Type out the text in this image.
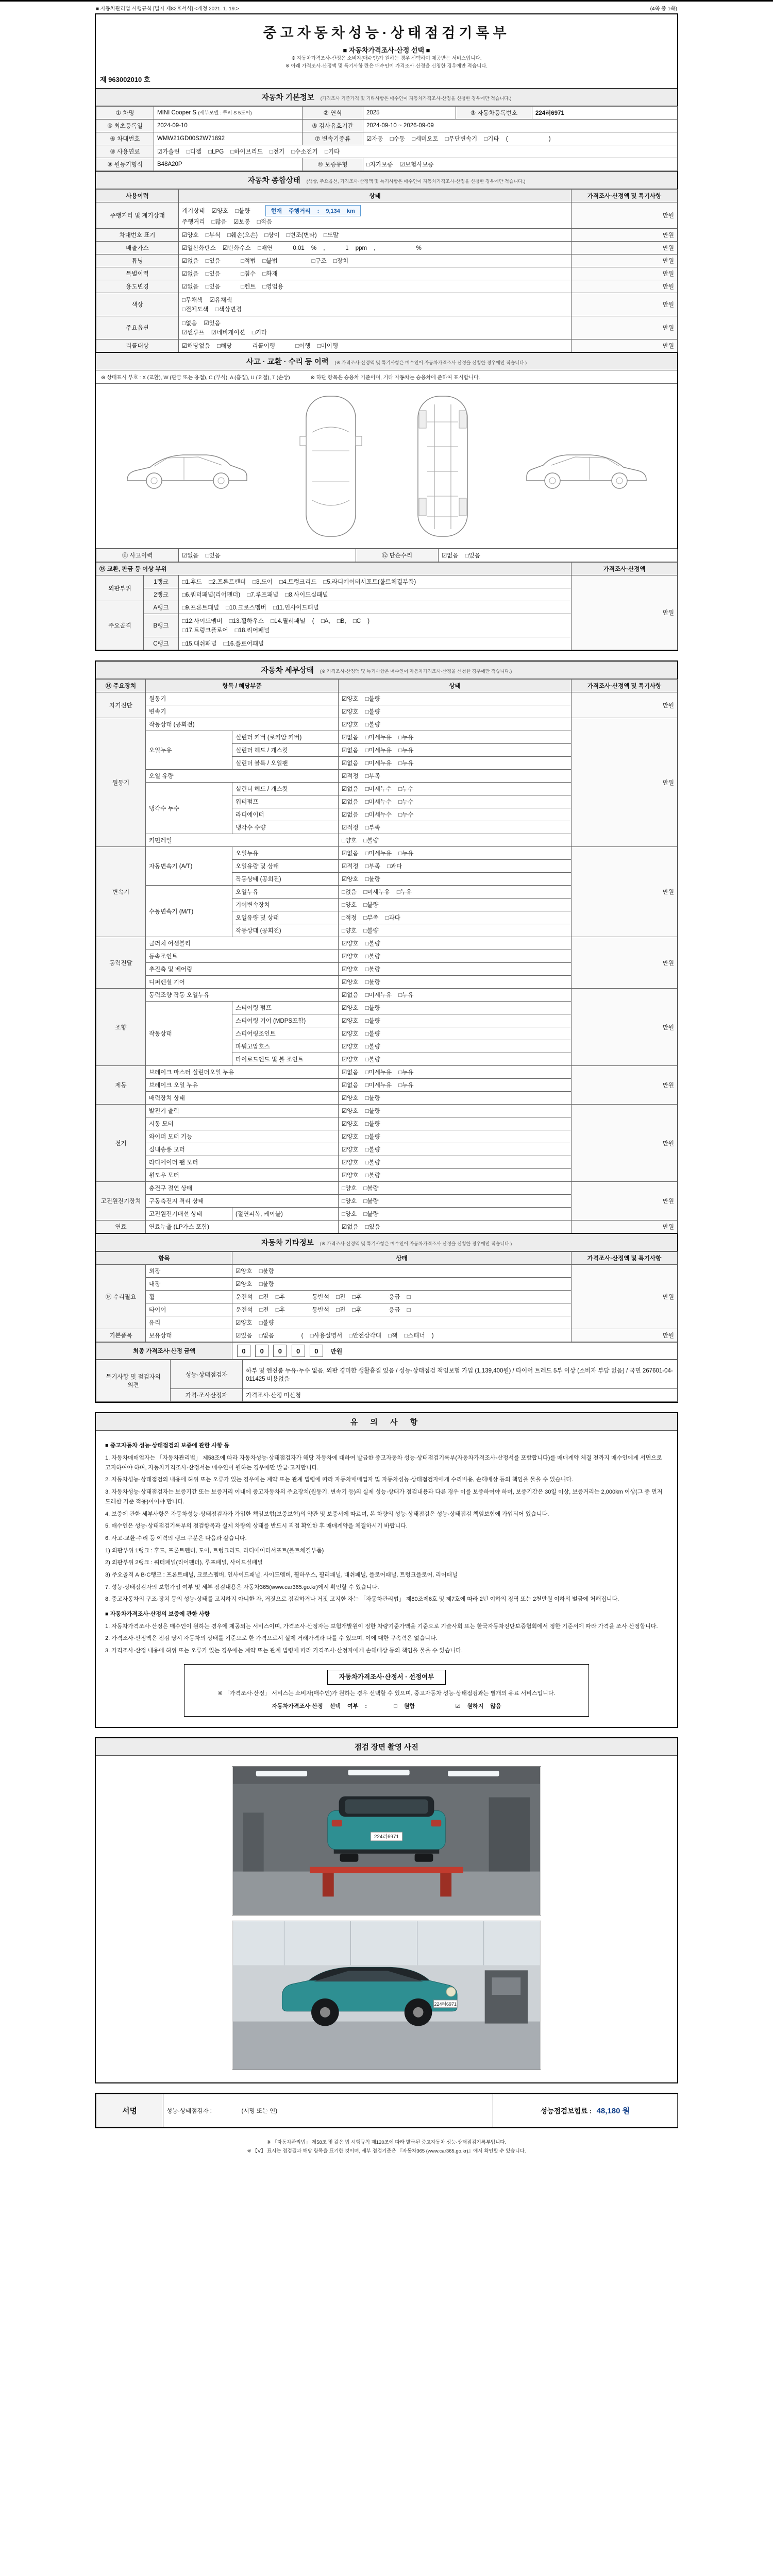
■ 자동차관리법 시행규칙 [별지 제82호서식] <개정 2021. 1. 19.>	(4쪽 중 1쪽)
중고자동차성능·상태점검기록부
■ 자동차가격조사·산정 선택 ■
※ 자동차가격조사·산정은 소비자(매수인)가 원하는 경우 선택하여 제공받는 서비스입니다.
※ 아래 가격조사·산정액 및 특기사항 란은 매수인이 가격조사·산정을 신청한 경우에만 적습니다.
제 963002010 호
자동차 기본정보 (가격조사 기준가격 및 기타사항은 매수인이 자동차가격조사·산정을 신청한 경우에만 적습니다.)
① 차명	MINI Cooper S (세부모델 : 쿠퍼 S 5도어)	② 연식	2025	③ 자동차등록번호	224러6971
④ 최초등록일	2024-09-10	⑤ 검사유효기간	2024-09-10 ~ 2026-09-09		
⑥ 차대번호	WMW21GD00S2W71692	⑦ 변속기종류	☑자동 □수동 □세미오토 □무단변속기 □기타 (      )		
⑧ 사용연료	☑가솔린 □디젤 □LPG □하이브리드 □전기 □수소전기 □기타				
⑨ 원동기형식	B48A20P	⑩ 보증유형	□자가보증 ☑보험사보증		
자동차 종합상태 (색상, 주요옵션, 가격조사·산정액 및 특기사항은 매수인이 자동차가격조사·산정을 신청한 경우에만 적습니다.)
사용이력	상태	가격조사·산정액 및 특기사항
주행거리 및 계기상태	계기상태 ☑양호 □불량 현재 주행거리 : 9,134 km
주행거리 □많음 ☑보통 □적음	만원
차대번호 표기	☑양호 □부식 □훼손(오손) □상이 □변조(변타) □도말	만원
배출가스	☑일산화탄소 ☑탄화수소 □매연 0.01 % ,   1 ppm ,      %	만원
튜닝	☑없음 □있음 □적법 □불법     □구조 □장치	만원
특별이력	☑없음 □있음 □침수 □화재	만원
용도변경	☑없음 □있음 □렌트 □영업용	만원
색상	□무채색 ☑유채색
□전체도색 □색상변경	만원
주요옵션	□없음 ☑있음
☑썬루프 ☑네비게이션 □기타	만원
리콜대상	☑해당없음 □해당 리콜이행   □이행 □미이행	만원
사고 · 교환 · 수리 등 이력 (※ 가격조사·산정액 및 특기사항은 매수인이 자동차가격조사·산정을 신청한 경우에만 적습니다.)
※ 상태표시 부호 : X (교환), W (판금 또는 용접), C (부식), A (흠집), U (요철), T (손상)	※ 하단 항목은 승용차 기준이며, 기타 자동차는 승용차에 준하여 표시합니다.
⑪ 사고이력	☑없음 □있음	⑫ 단순수리	☑없음 □있음
⑬ 교환, 판금 등 이상 부위			가격조사·산정액
외판부위	1랭크	□1.후드 □2.프론트펜더 □3.도어 □4.트렁크리드 □5.라디에이터서포트(볼트체결부품)	만원
	2랭크	□6.쿼터패널(리어펜더) □7.루프패널 □8.사이드실패널	
주요골격	A랭크	□9.프론트패널 □10.크로스멤버 □11.인사이드패널	
	B랭크	□12.사이드멤버 □13.휠하우스 □14.필러패널 ( □A, □B, □C )
□17.트렁크플로어 □18.리어패널	

	C랭크	□15.대쉬패널 □16.플로어패널	
자동차 세부상태 (※ 가격조사·산정액 및 특기사항은 매수인이 자동차가격조사·산정을 신청한 경우에만 적습니다.)
⑭ 주요장치	항목 / 해당부품		상태	가격조사·산정액 및 특기사항
자기진단	원동기		☑양호 □불량	만원
	변속기		☑양호 □불량	
원동기	작동상태 (공회전)		☑양호 □불량	만원
	오일누유	실린더 커버 (로커암 커버)	☑없음 □미세누유 □누유	
		실린더 헤드 / 개스킷	☑없음 □미세누유 □누유	
		실린더 블록 / 오일팬	☑없음 □미세누유 □누유	
	오일 유량		☑적정 □부족	
	냉각수 누수	실린더 헤드 / 개스킷	☑없음 □미세누수 □누수	
		워터펌프	☑없음 □미세누수 □누수	
		라디에이터	☑없음 □미세누수 □누수	
		냉각수 수량	☑적정 □부족	
	커먼레일		□양호 □불량	
변속기	자동변속기 (A/T)	오일누유	☑없음 □미세누유 □누유	만원
		오일유량 및 상태	☑적정 □부족 □과다	
		작동상태 (공회전)	☑양호 □불량	
	수동변속기 (M/T)	오일누유	□없음 □미세누유 □누유	
		기어변속장치	□양호 □불량	
		오일유량 및 상태	□적정 □부족 □과다	
		작동상태 (공회전)	□양호 □불량	
동력전달	클러치 어셈블리		☑양호 □불량	만원
	등속조인트		☑양호 □불량	
	추진축 및 베어링		☑양호 □불량	
	디퍼렌셜 기어		☑양호 □불량	
조향	동력조향 작동 오일누유		☑없음 □미세누유 □누유	만원
	작동상태	스티어링 펌프	☑양호 □불량	
		스티어링 기어 (MDPS포함)	☑양호 □불량	
		스티어링조인트	☑양호 □불량	
		파워고압호스	☑양호 □불량	
		타이로드엔드 및 볼 조인트	☑양호 □불량	
제동	브레이크 마스터 실린더오일 누유		☑없음 □미세누유 □누유	만원
	브레이크 오일 누유		☑없음 □미세누유 □누유	
	배력장치 상태		☑양호 □불량	
전기	발전기 출력		☑양호 □불량	만원
	시동 모터		☑양호 □불량	
	와이퍼 모터 기능		☑양호 □불량	
	실내송풍 모터		☑양호 □불량	
	라디에이터 팬 모터		☑양호 □불량	
	윈도우 모터		☑양호 □불량	
고전원전기장치	충전구 절연 상태		□양호 □불량	만원
	구동축전지 격리 상태		□양호 □불량	
	고전원전기배선 상태	(절연피복, 케이블)	□양호 □불량	
연료	연료누출 (LP가스 포함)		☑없음 □있음	만원
자동차 기타정보 (※ 가격조사·산정액 및 특기사항은 매수인이 자동차가격조사·산정을 신청한 경우에만 적습니다.)
항목		상태	가격조사·산정액 및 특기사항
⑮ 수리필요	외장	☑양호 □불량	만원
	내장	☑양호 □불량	
	휠	운전석 □전 □후    동반석 □전 □후    응급 □	
	타이어	운전석 □전 □후    동반석 □전 □후    응급 □	
	유리	☑양호 □불량	
기본품목	보유상태	☑있음 □없음    ( □사용설명서 □안전삼각대 □잭 □스패너 )	만원
최종 가격조사·산정 금액	0 0 0 0 0 만원
특기사항 및 점검자의 의견	성능·상태점검자	하부 및 엔진룸 누유·누수 없음, 외판 경미한 생활흠집 있음 / 성능·상태점검 책임보험 가입 (1,139,400원) / 타이어 트레드 5부 이상 (소비자 부담 없음) / 국민 267601-04-011425 비용없음
	가격·조사산정자	가격조사·산정 미신청
유 의 사 항
■ 중고자동차 성능·상태점검의 보증에 관한 사항 등

1. 자동차매매업자는 「자동차관리법」 제58조에 따라 자동차성능·상태점검자가 해당 자동차에 대하여 발급한 중고자동차 성능·상태점검기록부(자동차가격조사·산정서를 포함합니다)를 매매계약 체결 전까지 매수인에게 서면으로 고지하여야 하며, 자동차가격조사·산정서는 매수인이 원하는 경우에만 발급·고지합니다.

2. 자동차성능·상태점검의 내용에 허위 또는 오류가 있는 경우에는 계약 또는 관계 법령에 따라 자동차매매업자 및 자동차성능·상태점검자에게 수리비용, 손해배상 등의 책임을 물을 수 있습니다.

3. 자동차성능·상태점검자는 보증기간 또는 보증거리 이내에 중고자동차의 주요장치(원동기, 변속기 등)의 실제 성능·상태가 점검내용과 다른 경우 이를 보증하여야 하며, 보증기간은 30일 이상, 보증거리는 2,000km 이상(그 중 먼저 도래한 기준 적용)이어야 합니다.

4. 보증에 관한 세부사항은 자동차성능·상태점검자가 가입한 책임보험(보증보험)의 약관 및 보증서에 따르며, 본 차량의 성능·상태점검은 성능·상태점검 책임보험에 가입되어 있습니다.

5. 매수인은 성능·상태점검기록부의 점검항목과 실제 차량의 상태를 반드시 직접 확인한 후 매매계약을 체결하시기 바랍니다.

6. 사고·교환·수리 등 이력의 랭크 구분은 다음과 같습니다.

1) 외판부위 1랭크 : 후드, 프론트펜더, 도어, 트렁크리드, 라디에이터서포트(볼트체결부품)

2) 외판부위 2랭크 : 쿼터패널(리어펜더), 루프패널, 사이드실패널

3) 주요골격 A·B·C랭크 : 프론트패널, 크로스멤버, 인사이드패널, 사이드멤버, 휠하우스, 필러패널, 대쉬패널, 플로어패널, 트렁크플로어, 리어패널

7. 성능·상태점검자의 보험가입 여부 및 세부 점검내용은 자동차365(www.car365.go.kr)에서 확인할 수 있습니다.

8. 중고자동차의 구조·장치 등의 성능·상태를 고지하지 아니한 자, 거짓으로 점검하거나 거짓 고지한 자는 「자동차관리법」 제80조제6호 및 제7호에 따라 2년 이하의 징역 또는 2천만원 이하의 벌금에 처해집니다.

■ 자동차가격조사·산정의 보증에 관한 사항

1. 자동차가격조사·산정은 매수인이 원하는 경우에 제공되는 서비스이며, 가격조사·산정자는 보험개발원이 정한 차량기준가액을 기준으로 기술사회 또는 한국자동차진단보증협회에서 정한 기준서에 따라 가격을 조사·산정합니다.

2. 가격조사·산정액은 점검 당시 자동차의 상태를 기준으로 한 가격으로서 실제 거래가격과 다를 수 있으며, 이에 대한 구속력은 없습니다.

3. 가격조사·산정 내용에 허위 또는 오류가 있는 경우에는 계약 또는 관계 법령에 따라 가격조사·산정자에게 손해배상 등의 책임을 물을 수 있습니다.

자동차가격조사·산정서 · 선정여부
※ 「가격조사·산정」 서비스는 소비자(매수인)가 원하는 경우 선택할 수 있으며, 중고자동차 성능·상태점검과는 별개의 유료 서비스입니다.
자동차가격조사·산정 선택 여부 :    □ 원함      ☑ 원하지 않음
점검 장면 촬영 사진
224러6971
224러6971
서명	성능·상태점검자 :                  (서명 또는 인)	성능점검보험료 : 48,180 원
※ 「자동차관리법」 제58조 및 같은 법 시행규칙 제120조에 따라 발급된 중고자동차 성능·상태점검기록부입니다.
※ 【V】 표시는 점검결과 해당 항목을 표기한 것이며, 세부 점검기준은 『자동차365 (www.car365.go.kr)』에서 확인할 수 있습니다.
